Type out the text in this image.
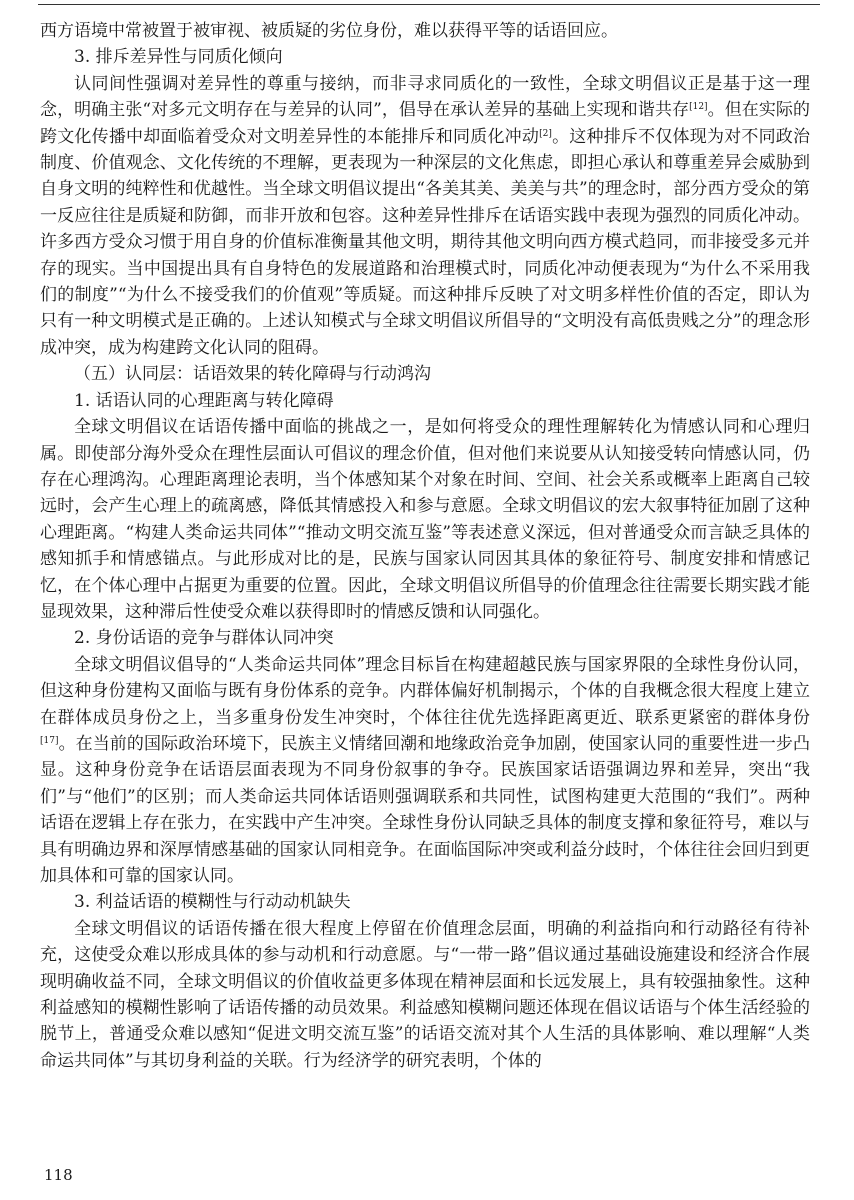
西方语境中常被置于被审视、被质疑的劣位身份，难以获得平等的话语回应。

3. 排斥差异性与同质化倾向

认同间性强调对差异性的尊重与接纳，而非寻求同质化的一致性，全球文明倡议正是基于这一理念，明确主张“对多元文明存在与差异的认同”，倡导在承认差异的基础上实现和谐共存[12]。但在实际的跨文化传播中却面临着受众对文明差异性的本能排斥和同质化冲动[2]。这种排斥不仅体现为对不同政治制度、价值观念、文化传统的不理解，更表现为一种深层的文化焦虑，即担心承认和尊重差异会威胁到自身文明的纯粹性和优越性。当全球文明倡议提出“各美其美、美美与共”的理念时，部分西方受众的第一反应往往是质疑和防御，而非开放和包容。这种差异性排斥在话语实践中表现为强烈的同质化冲动。许多西方受众习惯于用自身的价值标准衡量其他文明，期待其他文明向西方模式趋同，而非接受多元并存的现实。当中国提出具有自身特色的发展道路和治理模式时，同质化冲动便表现为“为什么不采用我们的制度”“为什么不接受我们的价值观”等质疑。而这种排斥反映了对文明多样性价值的否定，即认为只有一种文明模式是正确的。上述认知模式与全球文明倡议所倡导的“文明没有高低贵贱之分”的理念形成冲突，成为构建跨文化认同的阻碍。

（五）认同层：话语效果的转化障碍与行动鸿沟

1. 话语认同的心理距离与转化障碍

全球文明倡议在话语传播中面临的挑战之一，是如何将受众的理性理解转化为情感认同和心理归属。即使部分海外受众在理性层面认可倡议的理念价值，但对他们来说要从认知接受转向情感认同，仍存在心理鸿沟。心理距离理论表明，当个体感知某个对象在时间、空间、社会关系或概率上距离自己较远时，会产生心理上的疏离感，降低其情感投入和参与意愿。全球文明倡议的宏大叙事特征加剧了这种心理距离。“构建人类命运共同体”“推动文明交流互鉴”等表述意义深远，但对普通受众而言缺乏具体的感知抓手和情感锚点。与此形成对比的是，民族与国家认同因其具体的象征符号、制度安排和情感记忆，在个体心理中占据更为重要的位置。因此，全球文明倡议所倡导的价值理念往往需要长期实践才能显现效果，这种滞后性使受众难以获得即时的情感反馈和认同强化。

2. 身份话语的竞争与群体认同冲突

全球文明倡议倡导的“人类命运共同体”理念目标旨在构建超越民族与国家界限的全球性身份认同，但这种身份建构又面临与既有身份体系的竞争。内群体偏好机制揭示，个体的自我概念很大程度上建立在群体成员身份之上，当多重身份发生冲突时，个体往往优先选择距离更近、联系更紧密的群体身份[17]。在当前的国际政治环境下，民族主义情绪回潮和地缘政治竞争加剧，使国家认同的重要性进一步凸显。这种身份竞争在话语层面表现为不同身份叙事的争夺。民族国家话语强调边界和差异，突出“我们”与“他们”的区别；而人类命运共同体话语则强调联系和共同性，试图构建更大范围的“我们”。两种话语在逻辑上存在张力，在实践中产生冲突。全球性身份认同缺乏具体的制度支撑和象征符号，难以与具有明确边界和深厚情感基础的国家认同相竞争。在面临国际冲突或利益分歧时，个体往往会回归到更加具体和可靠的国家认同。

3. 利益话语的模糊性与行动动机缺失

全球文明倡议的话语传播在很大程度上停留在价值理念层面，明确的利益指向和行动路径有待补充，这使受众难以形成具体的参与动机和行动意愿。与“一带一路”倡议通过基础设施建设和经济合作展现明确收益不同，全球文明倡议的价值收益更多体现在精神层面和长远发展上，具有较强抽象性。这种利益感知的模糊性影响了话语传播的动员效果。利益感知模糊问题还体现在倡议话语与个体生活经验的脱节上，普通受众难以感知“促进文明交流互鉴”的话语交流对其个人生活的具体影响、难以理解“人类命运共同体”与其切身利益的关联。行为经济学的研究表明，个体的

118
